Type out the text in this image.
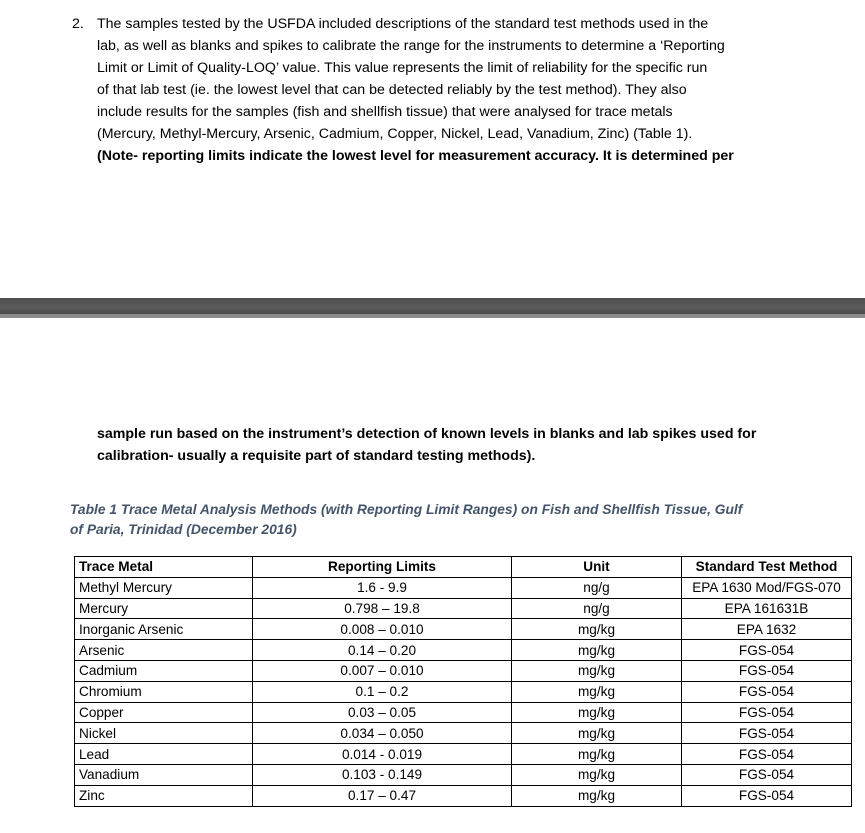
2. The samples tested by the USFDA included descriptions of the standard test methods used in the
lab, as well as blanks and spikes to calibrate the range for the instruments to determine a ‘Reporting
Limit or Limit of Quality-LOQ’ value. This value represents the limit of reliability for the specific run
of that lab test (ie. the lowest level that can be detected reliably by the test method). They also
include results for the samples (fish and shellfish tissue) that were analysed for trace metals
(Mercury, Methyl-Mercury, Arsenic, Cadmium, Copper, Nickel, Lead, Vanadium, Zinc) (Table 1).
(Note- reporting limits indicate the lowest level for measurement accuracy. It is determined per

sample run based on the instrument’s detection of known levels in blanks and lab spikes used for
calibration- usually a requisite part of standard testing methods).

Table 1 Trace Metal Analysis Methods (with Reporting Limit Ranges) on Fish and Shellfish Tissue, Gulf
of Paria, Trinidad (December 2016)

Trace Metal	Reporting Limits	Unit	Standard Test Method
Methyl Mercury	1.6 - 9.9	ng/g	EPA 1630 Mod/FGS-070
Mercury	0.798 – 19.8	ng/g	EPA 161631B
Inorganic Arsenic	0.008 – 0.010	mg/kg	EPA 1632
Arsenic	0.14 – 0.20	mg/kg	FGS-054
Cadmium	0.007 – 0.010	mg/kg	FGS-054
Chromium	0.1 – 0.2	mg/kg	FGS-054
Copper	0.03 – 0.05	mg/kg	FGS-054
Nickel	0.034 – 0.050	mg/kg	FGS-054
Lead	0.014 - 0.019	mg/kg	FGS-054
Vanadium	0.103 - 0.149	mg/kg	FGS-054
Zinc	0.17 – 0.47	mg/kg	FGS-054
